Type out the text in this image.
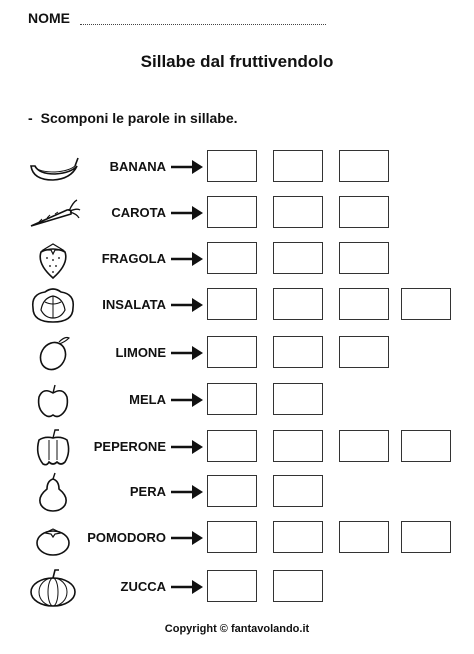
NOME
Sillabe dal fruttivendolo
- Scomponi le parole in sillabe.
BANANA
CAROTA
FRAGOLA
INSALATA
LIMONE
MELA
PEPERONE
PERA
POMODORO
ZUCCA
Copyright © fantavolando.it
